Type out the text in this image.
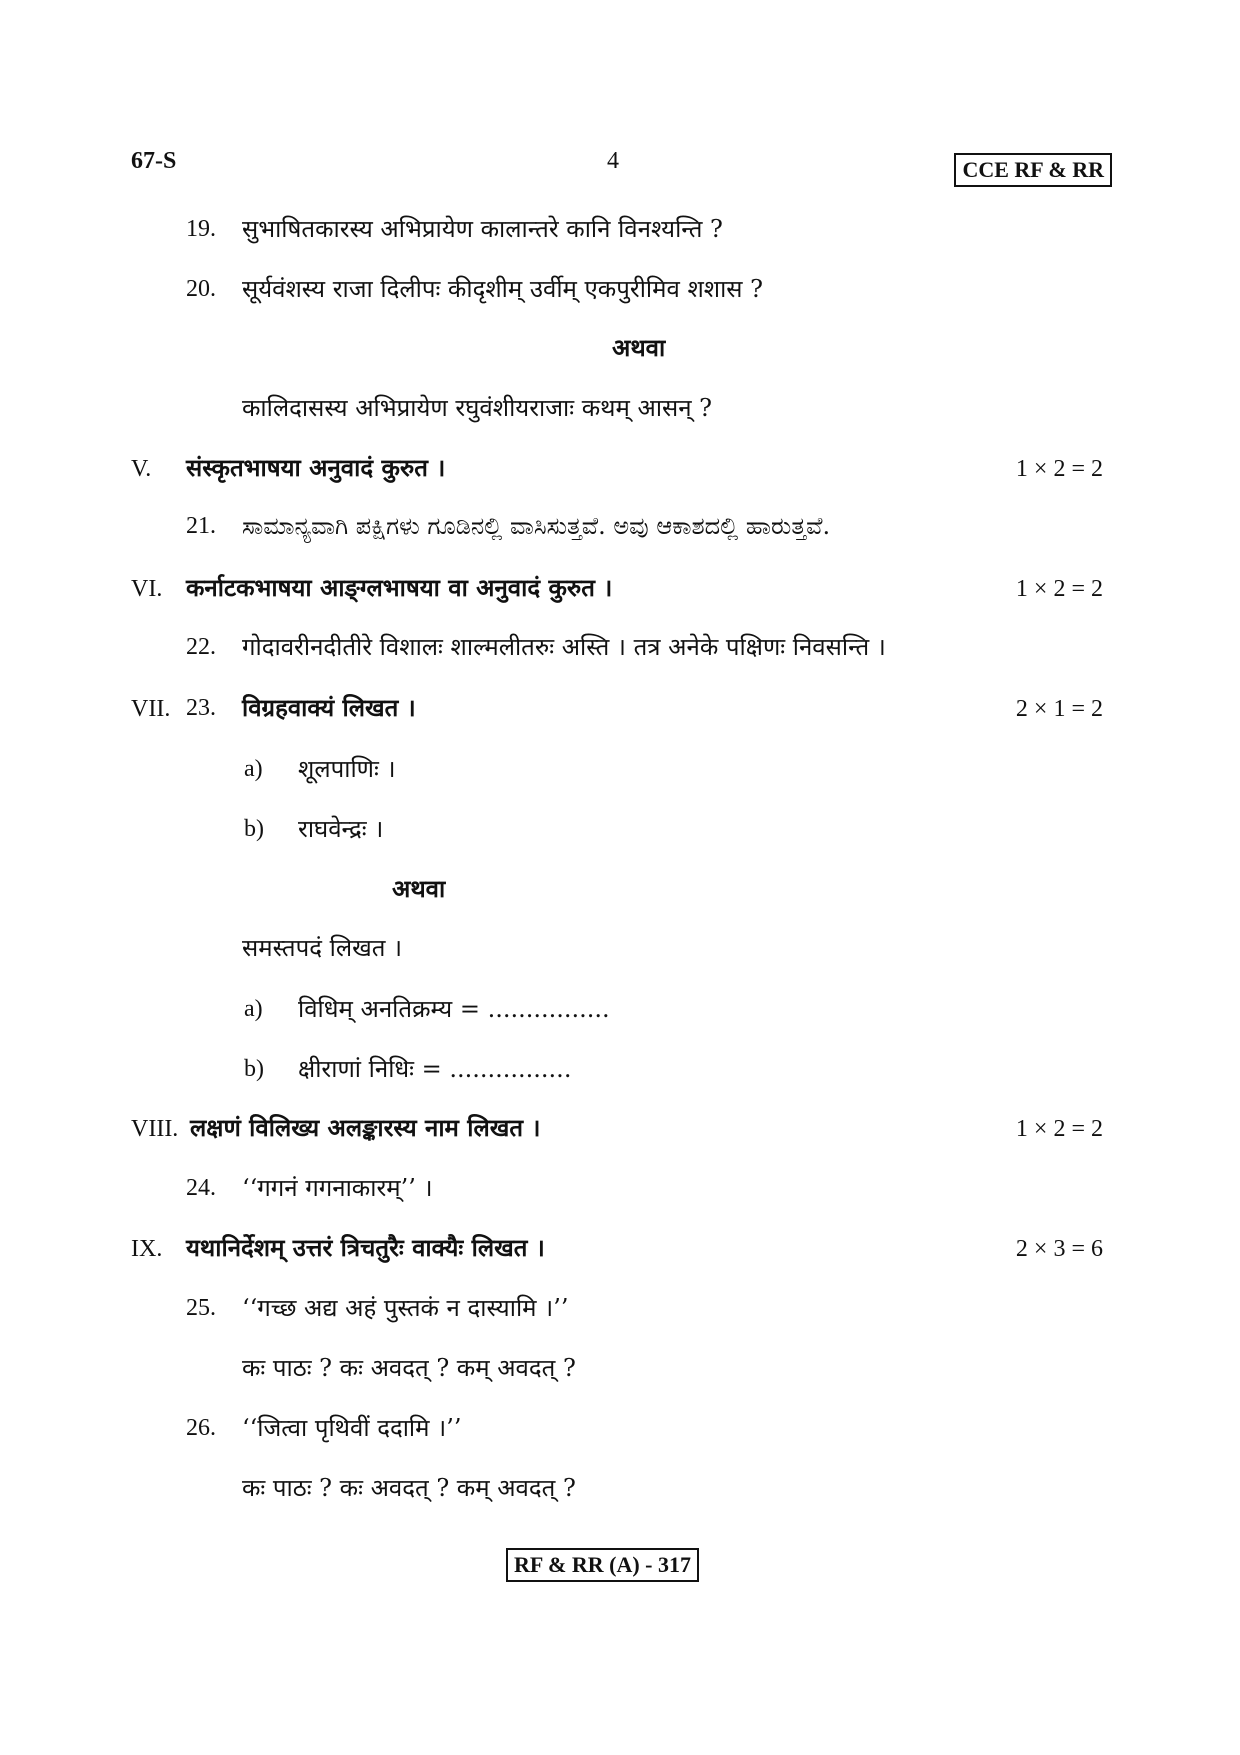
67-S	4	CCE RF & RR
19. सुभाषितकारस्य अभिप्रायेण कालान्तरे कानि विनश्यन्ति ?
20. सूर्यवंशस्य राजा दिलीपः कीदृशीम् उर्वीम् एकपुरीमिव शशास ?
अथवा
कालिदासस्य अभिप्रायेण रघुवंशीयराजाः कथम् आसन् ?
V. संस्कृतभाषया अनुवादं कुरुत ।	1 × 2 = 2
21. ಸಾಮಾನ್ಯವಾಗಿ ಪಕ್ಷಿಗಳು ಗೂಡಿನಲ್ಲಿ ವಾಸಿಸುತ್ತವೆ. ಅವು ಆಕಾಶದಲ್ಲಿ ಹಾರುತ್ತವೆ.
VI. कर्नाटकभाषया आङ्ग्लभाषया वा अनुवादं कुरुत ।	1 × 2 = 2
22. गोदावरीनदीतीरे विशालः शाल्मलीतरुः अस्ति । तत्र अनेके पक्षिणः निवसन्ति ।
VII. 23. विग्रहवाक्यं लिखत ।	2 × 1 = 2
a) शूलपाणिः ।
b) राघवेन्द्रः ।
अथवा
समस्तपदं लिखत ।
a) विधिम् अनतिक्रम्य = ................
b) क्षीराणां निधिः = ................
VIII. लक्षणं विलिख्य अलङ्कारस्य नाम लिखत ।	1 × 2 = 2
24. ‘‘गगनं गगनाकारम्’’ ।
IX. यथानिर्देशम् उत्तरं त्रिचतुरैः वाक्यैः लिखत ।	2 × 3 = 6
25. ‘‘गच्छ अद्य अहं पुस्तकं न दास्यामि ।’’
कः पाठः ? कः अवदत् ? कम् अवदत् ?
26. ‘‘जित्वा पृथिवीं ददामि ।’’
कः पाठः ? कः अवदत् ? कम् अवदत् ?
RF & RR (A) - 317
